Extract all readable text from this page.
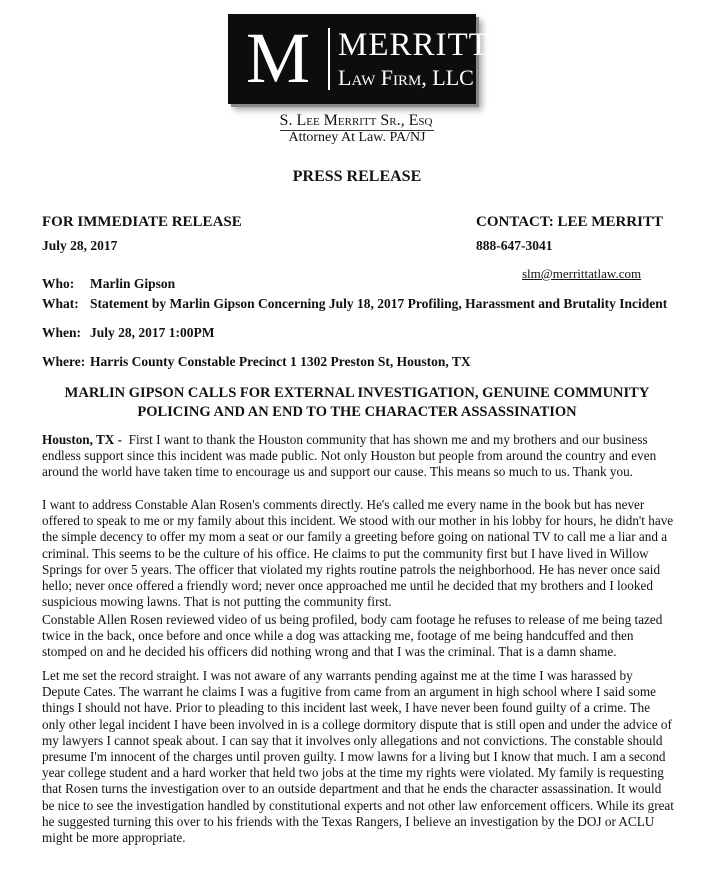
M MERRITT
Law Firm, LLC
S. Lee Merritt Sr., Esq
Attorney At Law. PA/NJ
PRESS RELEASE
FOR IMMEDIATE RELEASE
July 28, 2017
CONTACT: LEE MERRITT
888-647-3041
slm@merrittatlaw.com
Who: Marlin Gipson
What: Statement by Marlin Gipson Concerning July 18, 2017 Profiling, Harassment and Brutality Incident
When: July 28, 2017 1:00PM
Where: Harris County Constable Precinct 1 1302 Preston St, Houston, TX
MARLIN GIPSON CALLS FOR EXTERNAL INVESTIGATION, GENUINE COMMUNITY POLICING AND AN END TO THE CHARACTER ASSASSINATION
Houston, TX - First I want to thank the Houston community that has shown me and my brothers and our business endless support since this incident was made public. Not only Houston but people from around the country and even around the world have taken time to encourage us and support our cause. This means so much to us. Thank you.
I want to address Constable Alan Rosen's comments directly. He's called me every name in the book but has never offered to speak to me or my family about this incident. We stood with our mother in his lobby for hours, he didn't have the simple decency to offer my mom a seat or our family a greeting before going on national TV to call me a liar and a criminal. This seems to be the culture of his office. He claims to put the community first but I have lived in Willow Springs for over 5 years. The officer that violated my rights routine patrols the neighborhood. He has never once said hello; never once offered a friendly word; never once approached me until he decided that my brothers and I looked suspicious mowing lawns. That is not putting the community first.
Constable Allen Rosen reviewed video of us being profiled, body cam footage he refuses to release of me being tazed twice in the back, once before and once while a dog was attacking me, footage of me being handcuffed and then stomped on and he decided his officers did nothing wrong and that I was the criminal. That is a damn shame.
Let me set the record straight. I was not aware of any warrants pending against me at the time I was harassed by Depute Cates. The warrant he claims I was a fugitive from came from an argument in high school where I said some things I should not have. Prior to pleading to this incident last week, I have never been found guilty of a crime. The only other legal incident I have been involved in is a college dormitory dispute that is still open and under the advice of my lawyers I cannot speak about. I can say that it involves only allegations and not convictions. The constable should presume I'm innocent of the charges until proven guilty. I mow lawns for a living but I know that much. I am a second year college student and a hard worker that held two jobs at the time my rights were violated. My family is requesting that Rosen turns the investigation over to an outside department and that he ends the character assassination. It would be nice to see the investigation handled by constitutional experts and not other law enforcement officers. While its great he suggested turning this over to his friends with the Texas Rangers, I believe an investigation by the DOJ or ACLU might be more appropriate.
